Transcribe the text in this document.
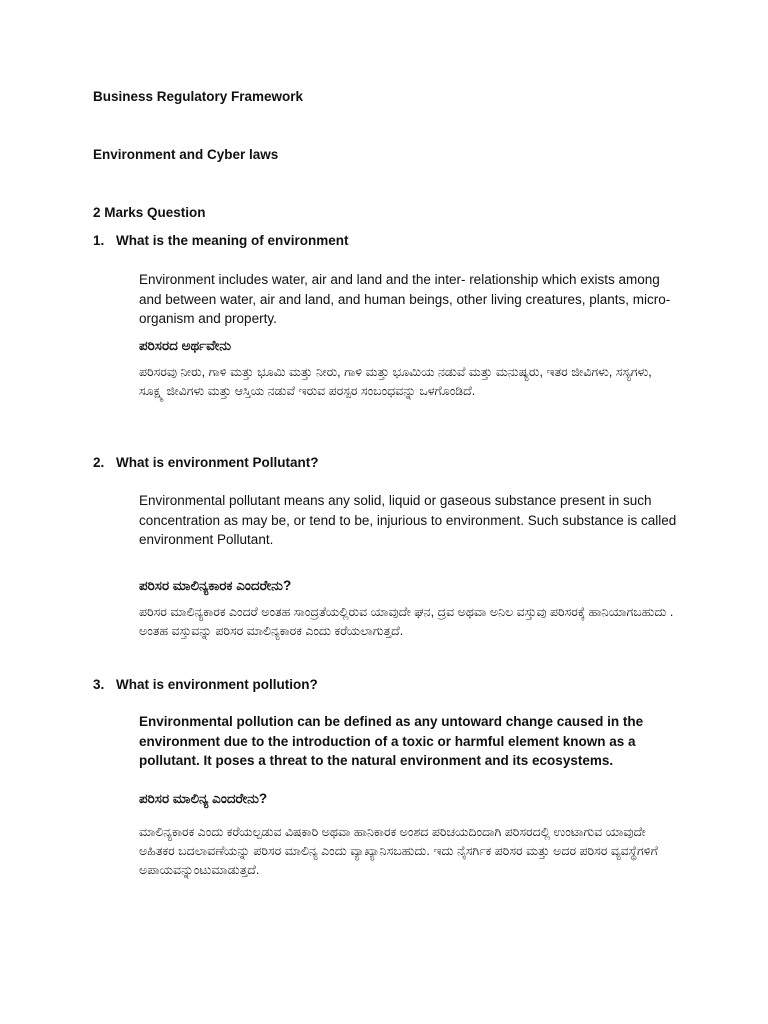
Business Regulatory Framework
Environment and Cyber laws
2 Marks Question
1. What is the meaning of environment
Environment includes water, air and land and the inter- relationship which exists among and between water, air and land, and human beings, other living creatures, plants, micro-organism and property.
ಪರಿಸರದ ಅರ್ಥವೇನು
ಪರಿಸರವು ನೀರು, ಗಾಳಿ ಮತ್ತು ಭೂಮಿ ಮತ್ತು ನೀರು, ಗಾಳಿ ಮತ್ತು ಭೂಮಿಯ ನಡುವೆ ಮತ್ತು ಮನುಷ್ಯರು, ಇತರ ಜೀವಿಗಳು, ಸಸ್ಯಗಳು, ಸೂಕ್ಷ್ಮ ಜೀವಿಗಳು ಮತ್ತು ಆಸ್ತಿಯ ನಡುವೆ ಇರುವ ಪರಸ್ಪರ ಸಂಬಂಧವನ್ನು ಒಳಗೊಂಡಿದೆ.
2. What is environment Pollutant?
Environmental pollutant means any solid, liquid or gaseous substance present in such concentration as may be, or tend to be, injurious to environment. Such substance is called environment Pollutant.
ಪರಿಸರ ಮಾಲಿನ್ಯಕಾರಕ ಎಂದರೇನು?
ಪರಿಸರ ಮಾಲಿನ್ಯಕಾರಕ ಎಂದರೆ ಅಂತಹ ಸಾಂದ್ರತೆಯಲ್ಲಿರುವ ಯಾವುದೇ ಘನ, ದ್ರವ ಅಥವಾ ಅನಿಲ ವಸ್ತುವು ಪರಿಸರಕ್ಕೆ ಹಾನಿಯಾಗಬಹುದು . ಅಂತಹ ವಸ್ತುವನ್ನು ಪರಿಸರ ಮಾಲಿನ್ಯಕಾರಕ ಎಂದು ಕರೆಯಲಾಗುತ್ತದೆ.
3. What is environment pollution?
Environmental pollution can be defined as any untoward change caused in the environment due to the introduction of a toxic or harmful element known as a pollutant. It poses a threat to the natural environment and its ecosystems.
ಪರಿಸರ ಮಾಲಿನ್ಯ ಎಂದರೇನು?
ಮಾಲಿನ್ಯಕಾರಕ ಎಂದು ಕರೆಯಲ್ಪಡುವ ವಿಷಕಾರಿ ಅಥವಾ ಹಾನಿಕಾರಕ ಅಂಶದ ಪರಿಚಯದಿಂದಾಗಿ ಪರಿಸರದಲ್ಲಿ ಉಂಟಾಗುವ ಯಾವುದೇ ಅಹಿತಕರ ಬದಲಾವಣೆಯನ್ನು ಪರಿಸರ ಮಾಲಿನ್ಯ ಎಂದು ವ್ಯಾಖ್ಯಾನಿಸಬಹುದು. ಇದು ನೈಸರ್ಗಿಕ ಪರಿಸರ ಮತ್ತು ಅದರ ಪರಿಸರ ವ್ಯವಸ್ಥೆಗಳಿಗೆ ಅಪಾಯವನ್ನುಂಟುಮಾಡುತ್ತದೆ.
